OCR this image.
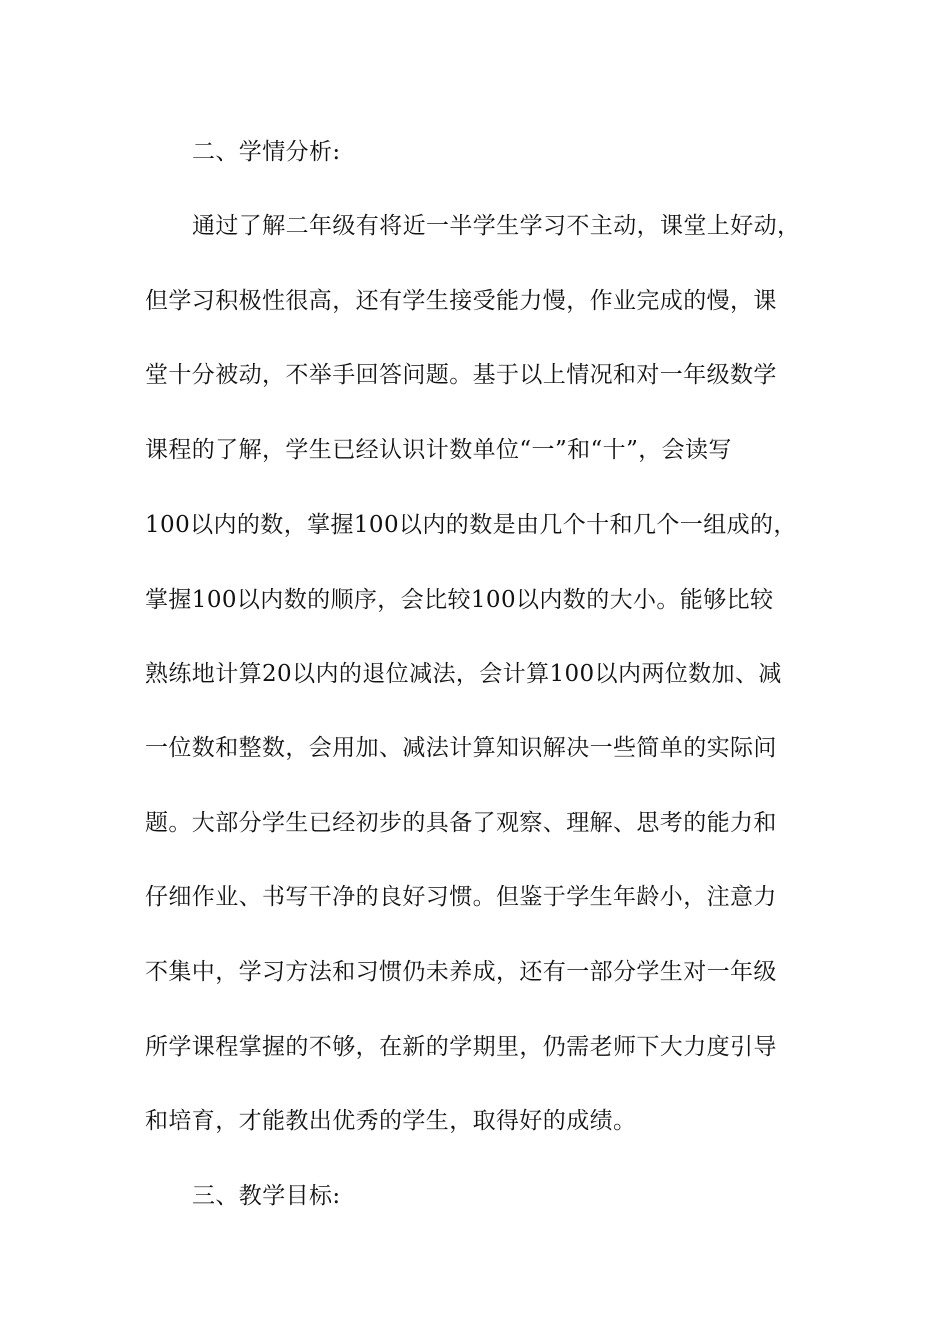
二、学情分析:
通过了解二年级有将近一半学生学习不主动，课堂上好动，
但学习积极性很高，还有学生接受能力慢，作业完成的慢，课
堂十分被动，不举手回答问题。基于以上情况和对一年级数学
课程的了解，学生已经认识计数单位“一”和“十”，会读写
100以内的数，掌握100以内的数是由几个十和几个一组成的，
掌握100以内数的顺序，会比较100以内数的大小。能够比较
熟练地计算20以内的退位减法，会计算100以内两位数加、减
一位数和整数，会用加、减法计算知识解决一些简单的实际问
题。大部分学生已经初步的具备了观察、理解、思考的能力和
仔细作业、书写干净的良好习惯。但鉴于学生年龄小，注意力
不集中，学习方法和习惯仍未养成，还有一部分学生对一年级
所学课程掌握的不够，在新的学期里，仍需老师下大力度引导
和培育，才能教出优秀的学生，取得好的成绩。
三、教学目标:
